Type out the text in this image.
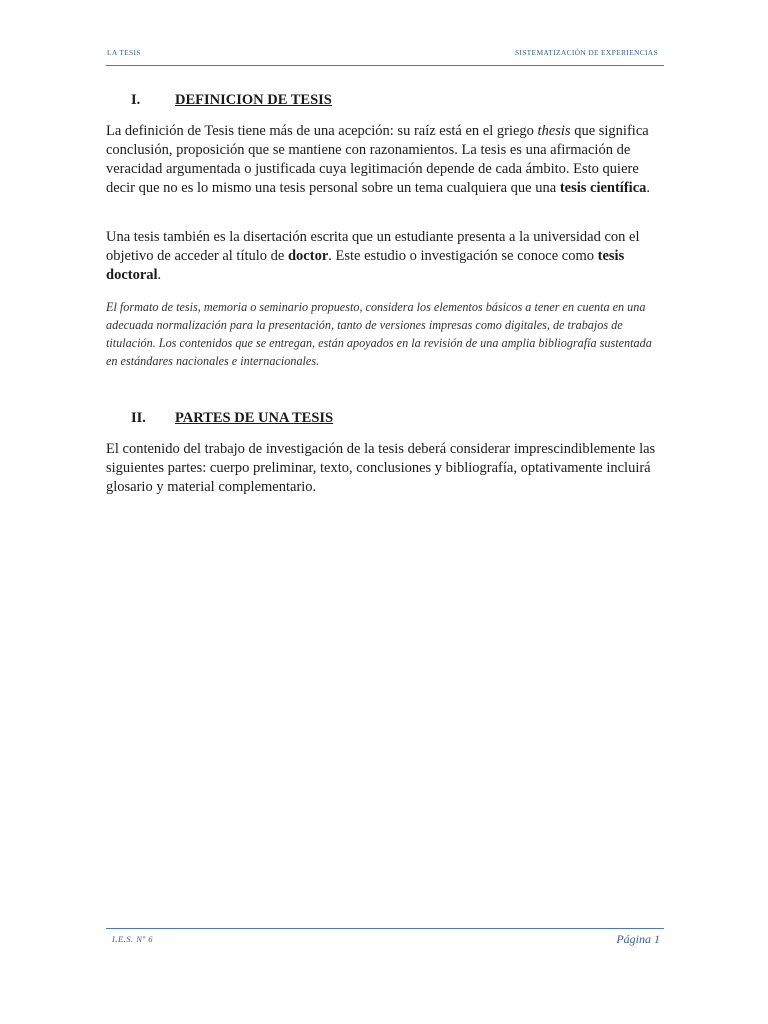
LA TESIS	SISTEMATIZACIÓN DE EXPERIENCIAS
I. DEFINICION DE TESIS

La definición de Tesis tiene más de una acepción: su raíz está en el griego thesis que significa conclusión, proposición que se mantiene con razonamientos. La tesis es una afirmación de veracidad argumentada o justificada cuya legitimación depende de cada ámbito. Esto quiere decir que no es lo mismo una tesis personal sobre un tema cualquiera que una tesis científica.

Una tesis también es la disertación escrita que un estudiante presenta a la universidad con el objetivo de acceder al título de doctor. Este estudio o investigación se conoce como tesis doctoral.

El formato de tesis, memoria o seminario propuesto, considera los elementos básicos a tener en cuenta en una adecuada normalización para la presentación, tanto de versiones impresas como digitales, de trabajos de titulación. Los contenidos que se entregan, están apoyados en la revisión de una amplia bibliografía sustentada en estándares nacionales e internacionales.

II. PARTES DE UNA TESIS

El contenido del trabajo de investigación de la tesis deberá considerar imprescindiblemente las siguientes partes: cuerpo preliminar, texto, conclusiones y bibliografía, optativamente incluirá glosario y material complementario.

I.E.S. Nº 6	Página 1
